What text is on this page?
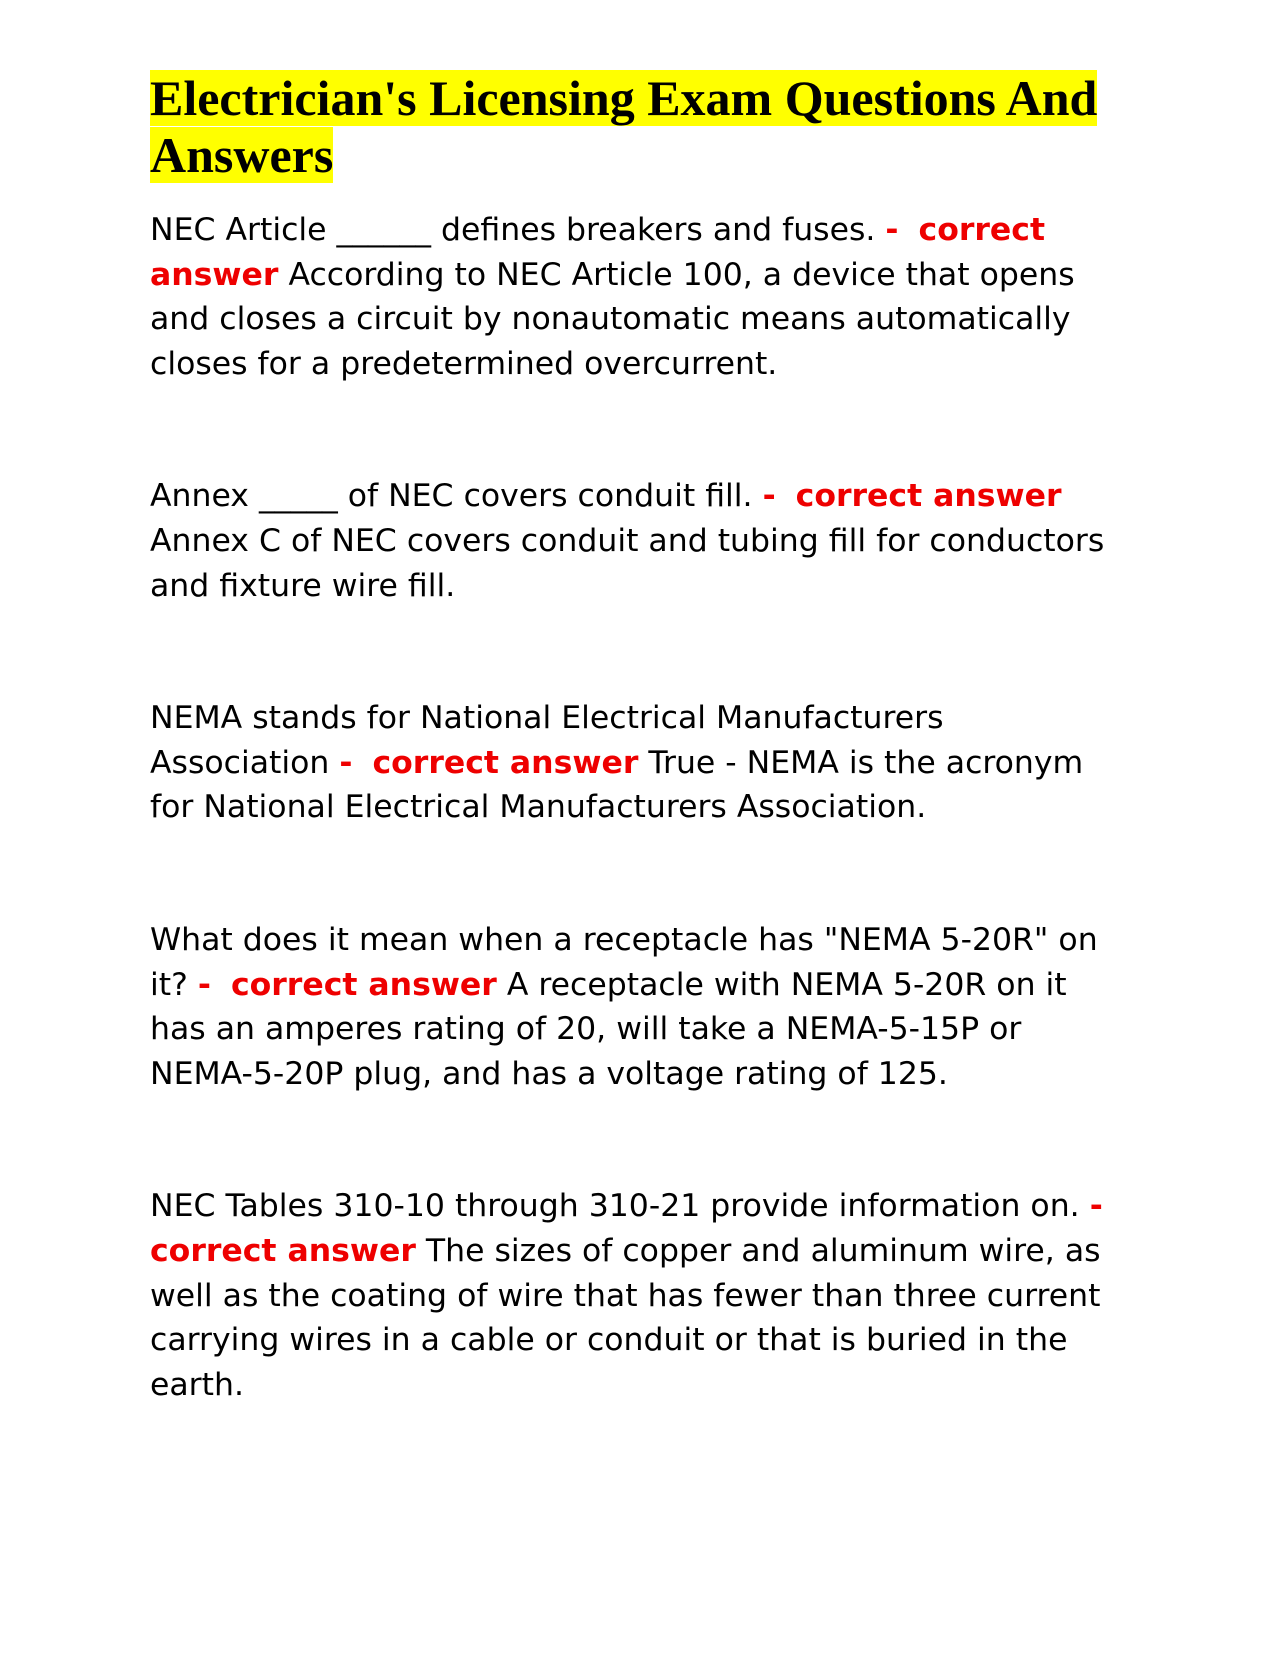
Electrician's Licensing Exam Questions And Answers

NEC Article ______ defines breakers and fuses. - correct answer According to NEC Article 100, a device that opens and closes a circuit by nonautomatic means automatically closes for a predetermined overcurrent.

Annex _____ of NEC covers conduit fill. - correct answer Annex C of NEC covers conduit and tubing fill for conductors and fixture wire fill.

NEMA stands for National Electrical Manufacturers Association - correct answer True - NEMA is the acronym for National Electrical Manufacturers Association.

What does it mean when a receptacle has "NEMA 5-20R" on it? - correct answer A receptacle with NEMA 5-20R on it has an amperes rating of 20, will take a NEMA-5-15P or NEMA-5-20P plug, and has a voltage rating of 125.

NEC Tables 310-10 through 310-21 provide information on. -  correct answer The sizes of copper and aluminum wire, as well as the coating of wire that has fewer than three current carrying wires in a cable or conduit or that is buried in the earth.
